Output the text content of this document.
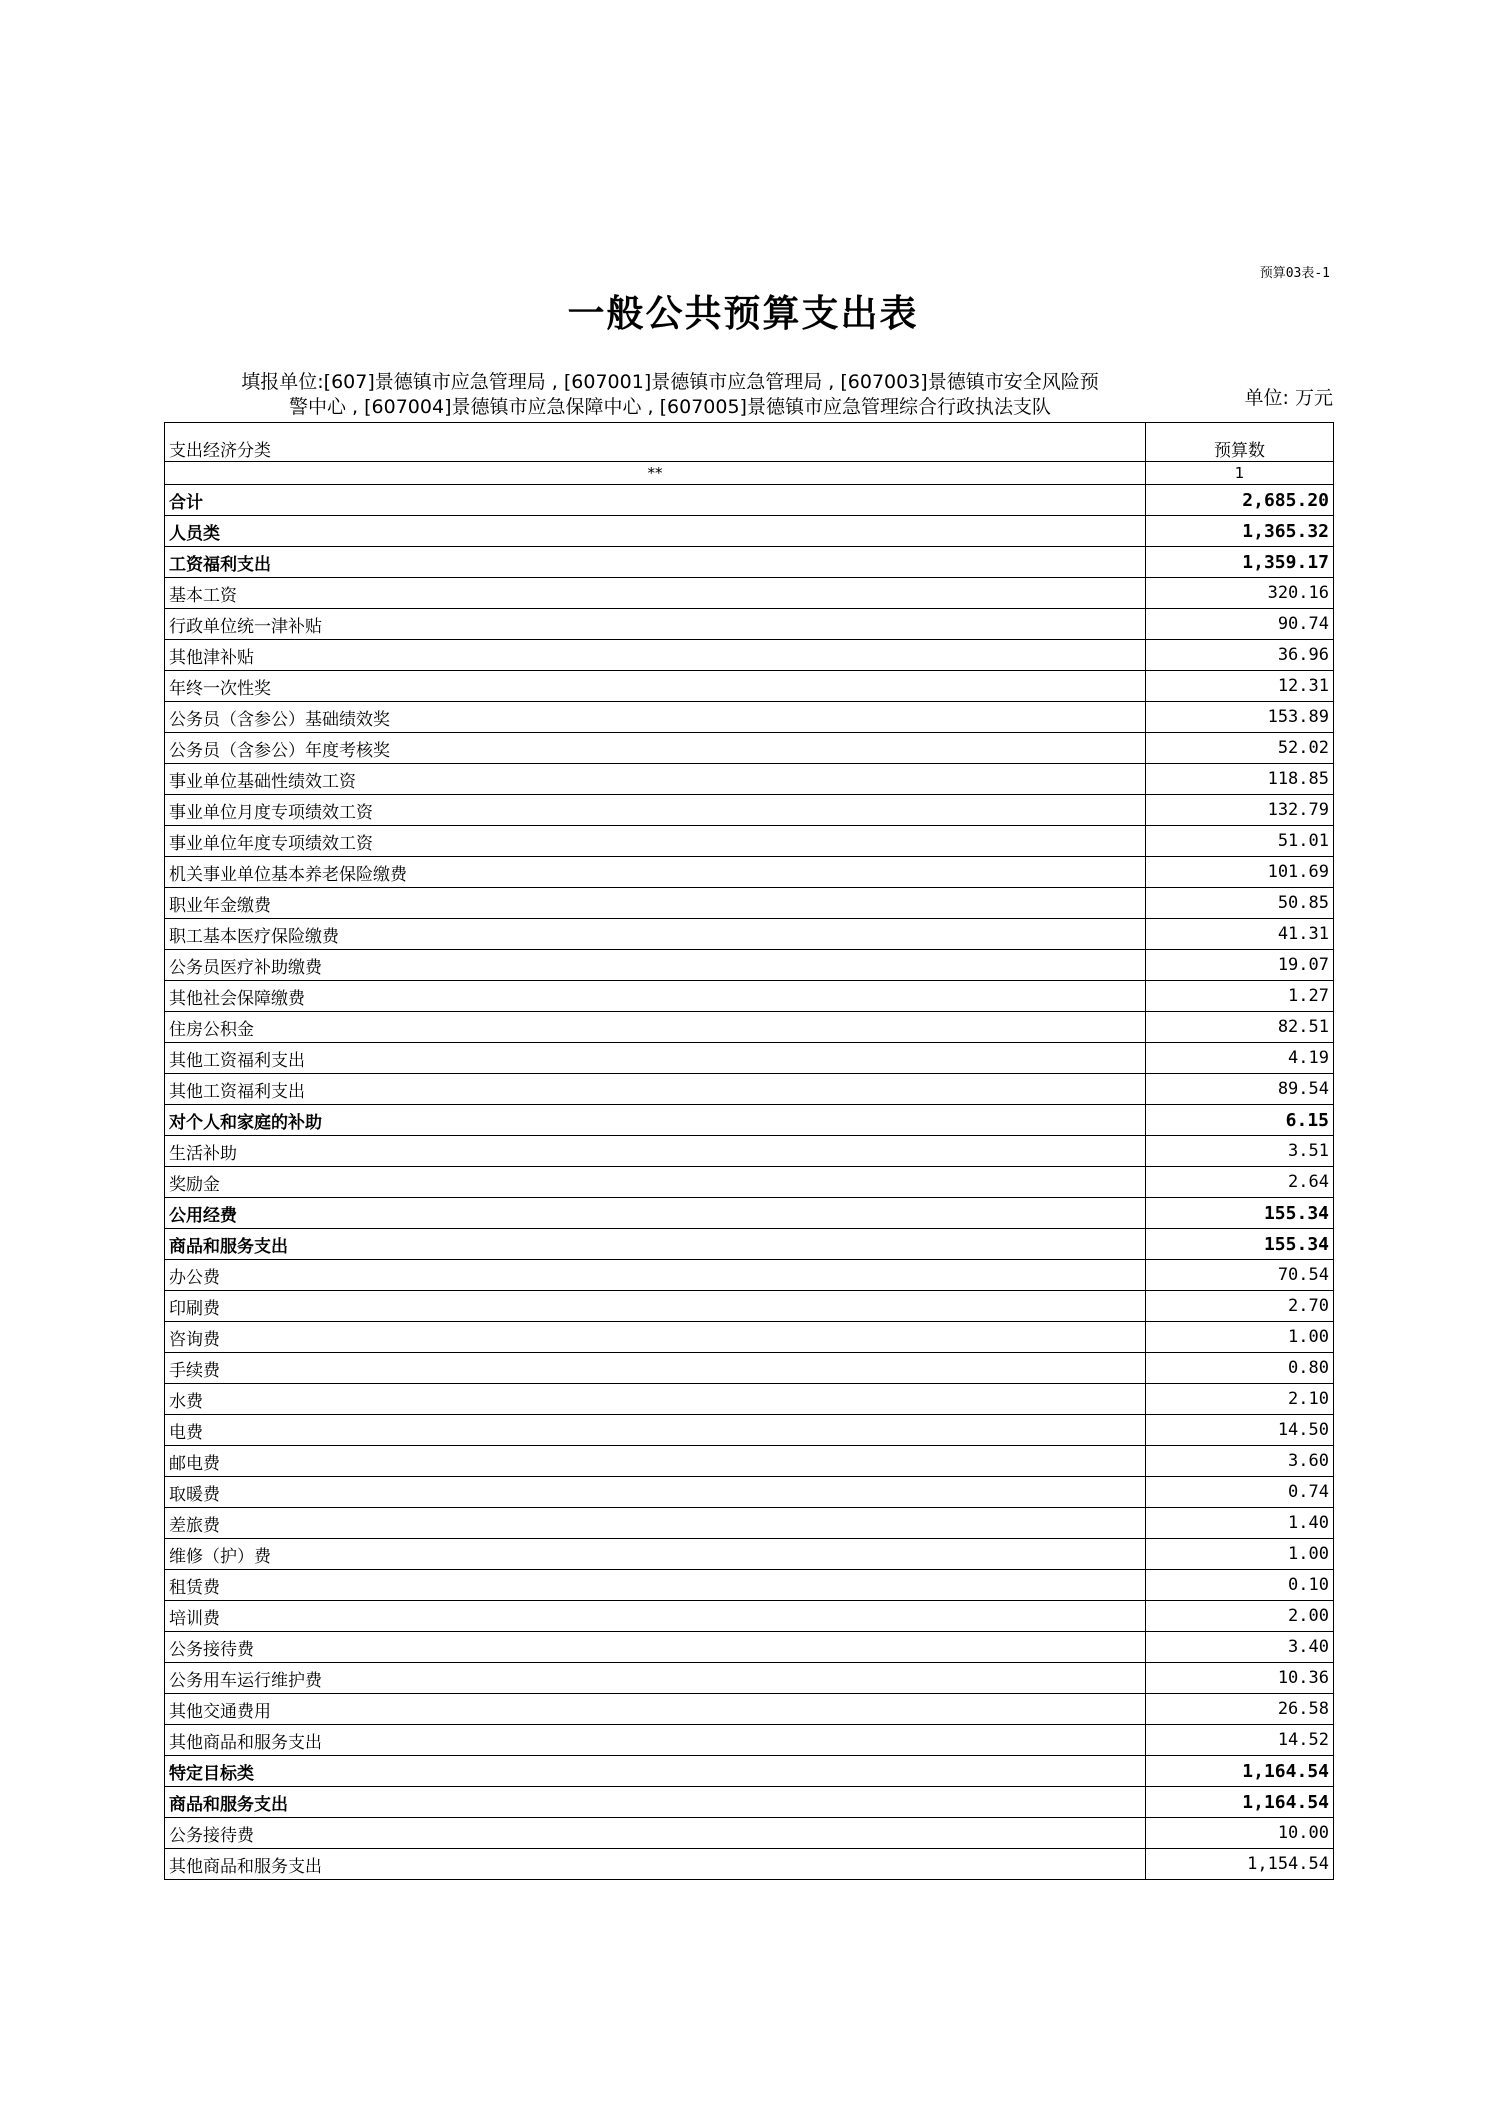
预算03表-1
一般公共预算支出表
填报单位:[607]景德镇市应急管理局 , [607001]景德镇市应急管理局 , [607003]景德镇市安全风险预
警中心 , [607004]景德镇市应急保障中心 , [607005]景德镇市应急管理综合行政执法支队	单位: 万元
支出经济分类	预算数
**	1
合计	2,685.20
人员类	1,365.32
工资福利支出	1,359.17
基本工资	320.16
行政单位统一津补贴	90.74
其他津补贴	36.96
年终一次性奖	12.31
公务员（含参公）基础绩效奖	153.89
公务员（含参公）年度考核奖	52.02
事业单位基础性绩效工资	118.85
事业单位月度专项绩效工资	132.79
事业单位年度专项绩效工资	51.01
机关事业单位基本养老保险缴费	101.69
职业年金缴费	50.85
职工基本医疗保险缴费	41.31
公务员医疗补助缴费	19.07
其他社会保障缴费	1.27
住房公积金	82.51
其他工资福利支出	4.19
其他工资福利支出	89.54
对个人和家庭的补助	6.15
生活补助	3.51
奖励金	2.64
公用经费	155.34
商品和服务支出	155.34
办公费	70.54
印刷费	2.70
咨询费	1.00
手续费	0.80
水费	2.10
电费	14.50
邮电费	3.60
取暖费	0.74
差旅费	1.40
维修（护）费	1.00
租赁费	0.10
培训费	2.00
公务接待费	3.40
公务用车运行维护费	10.36
其他交通费用	26.58
其他商品和服务支出	14.52
特定目标类	1,164.54
商品和服务支出	1,164.54
公务接待费	10.00
其他商品和服务支出	1,154.54
